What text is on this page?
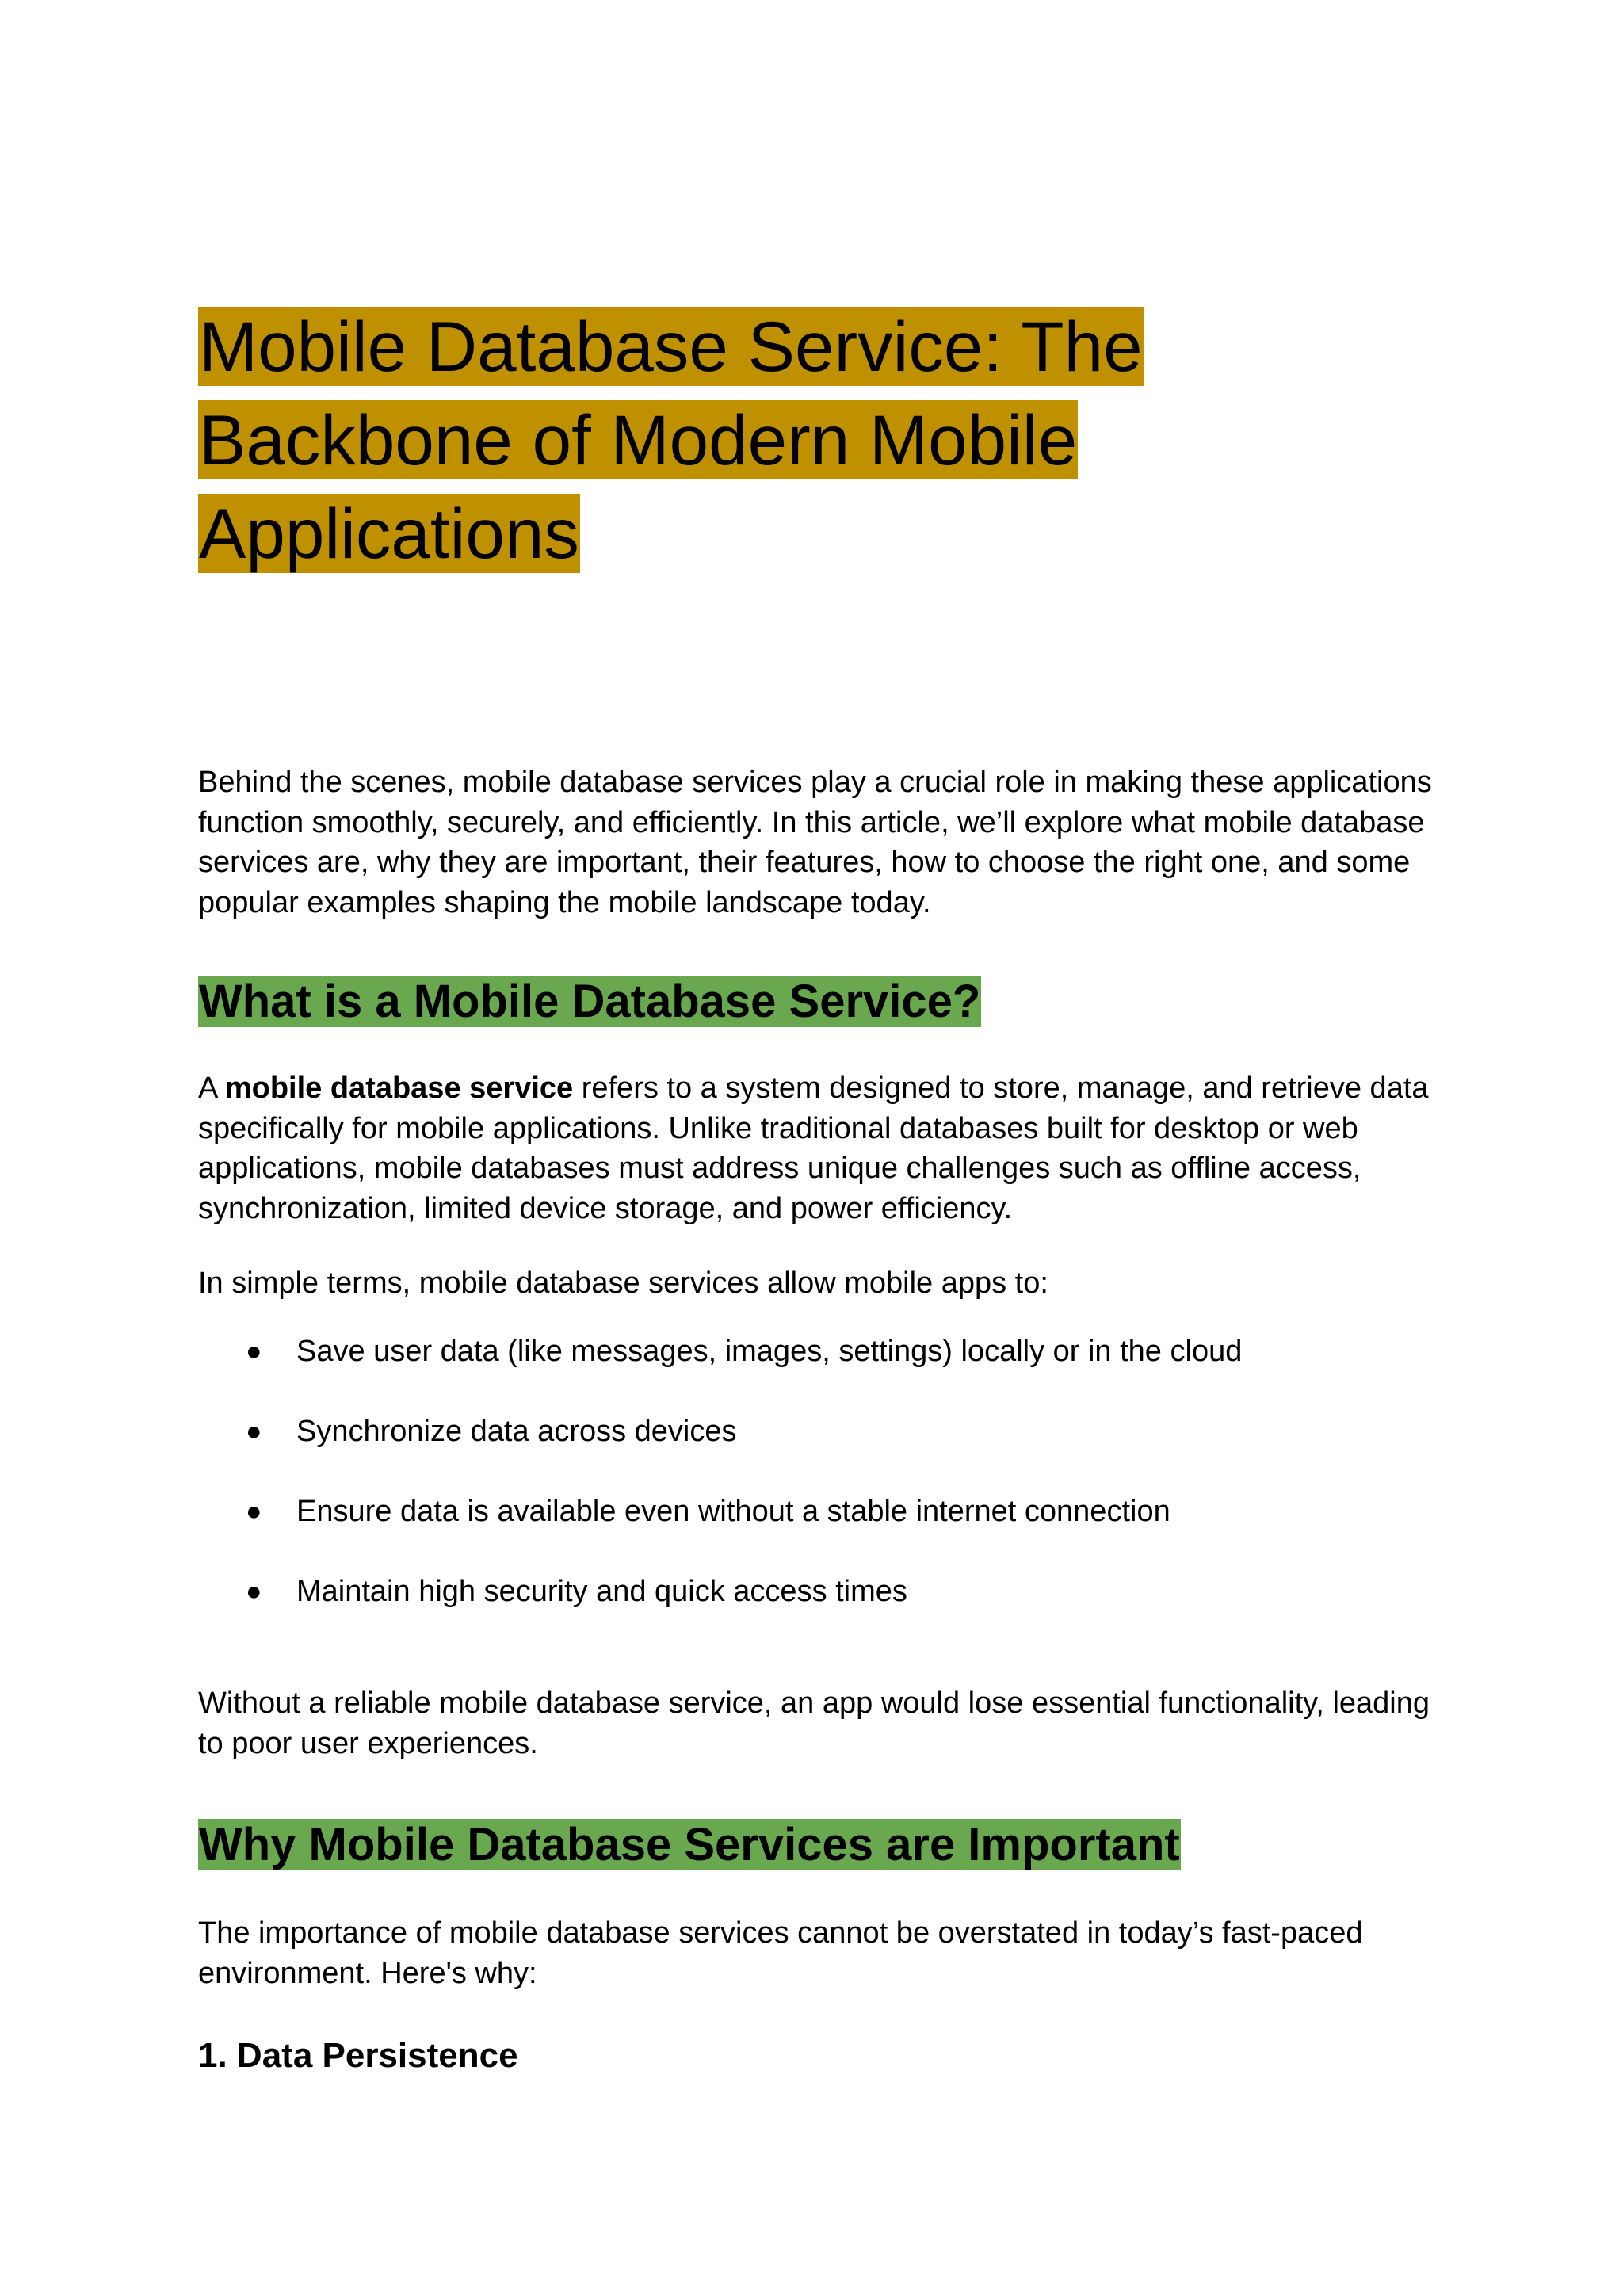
Mobile Database Service: The Backbone of Modern Mobile Applications

Behind the scenes, mobile database services play a crucial role in making these applications function smoothly, securely, and efficiently. In this article, we’ll explore what mobile database services are, why they are important, their features, how to choose the right one, and some popular examples shaping the mobile landscape today.

What is a Mobile Database Service?

A mobile database service refers to a system designed to store, manage, and retrieve data specifically for mobile applications. Unlike traditional databases built for desktop or web applications, mobile databases must address unique challenges such as offline access, synchronization, limited device storage, and power efficiency.

In simple terms, mobile database services allow mobile apps to:

● Save user data (like messages, images, settings) locally or in the cloud
● Synchronize data across devices
● Ensure data is available even without a stable internet connection
● Maintain high security and quick access times

Without a reliable mobile database service, an app would lose essential functionality, leading to poor user experiences.

Why Mobile Database Services are Important

The importance of mobile database services cannot be overstated in today’s fast-paced environment. Here's why:

1. Data Persistence
